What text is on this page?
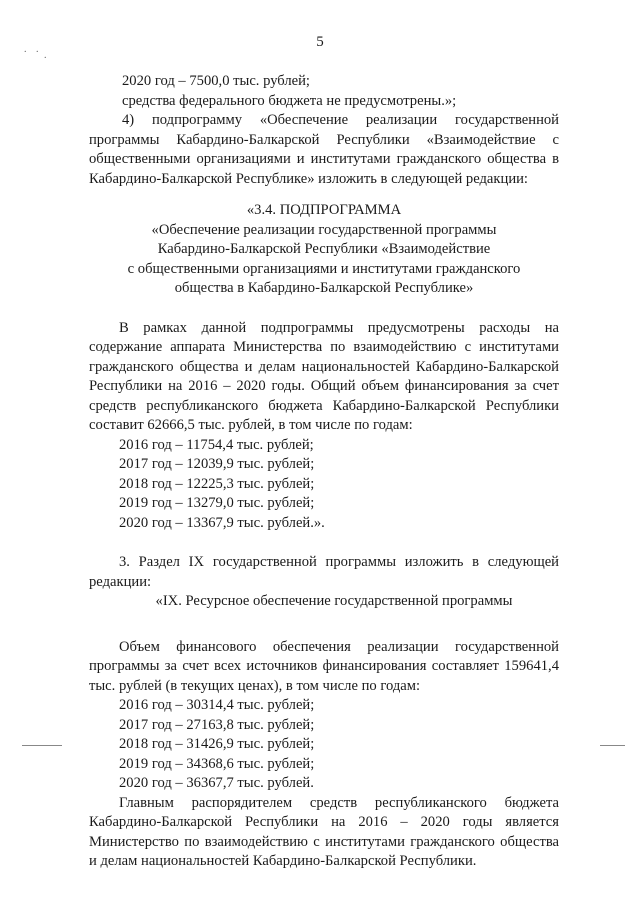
5
. .
.

2020 год – 7500,0 тыс. рублей;

средства федерального бюджета не предусмотрены.»;

4) подпрограмму «Обеспечение реализации государственной программы Кабардино-Балкарской Республики «Взаимодействие с общественными организациями и институтами гражданского общества в Кабардино-Балкарской Республике» изложить в следующей редакции:

«3.4. ПОДПРОГРАММА

«Обеспечение реализации государственной программы

Кабардино-Балкарской Республики «Взаимодействие

с общественными организациями и институтами гражданского

общества в Кабардино-Балкарской Республике»

В рамках данной подпрограммы предусмотрены расходы на содержание аппарата Министерства по взаимодействию с институтами гражданского общества и делам национальностей Кабардино-Балкарской Республики на 2016 – 2020 годы. Общий объем финансирования за счет средств республиканского бюджета Кабардино-Балкарской Республики составит 62666,5 тыс. рублей, в том числе по годам:

2016 год – 11754,4 тыс. рублей;

2017 год – 12039,9 тыс. рублей;

2018 год – 12225,3 тыс. рублей;

2019 год – 13279,0 тыс. рублей;

2020 год – 13367,9 тыс. рублей.».

3. Раздел IX государственной программы изложить в следующей редакции:

«IX. Ресурсное обеспечение государственной программы

Объем финансового обеспечения реализации государственной программы за счет всех источников финансирования составляет 159641,4 тыс. рублей (в текущих ценах), в том числе по годам:

2016 год – 30314,4 тыс. рублей;

2017 год – 27163,8 тыс. рублей;

2018 год – 31426,9 тыс. рублей;

2019 год – 34368,6 тыс. рублей;

2020 год – 36367,7 тыс. рублей.

Главным распорядителем средств республиканского бюджета Кабардино-Балкарской Республики на 2016 – 2020 годы является Министерство по взаимодействию с институтами гражданского общества и делам национальностей Кабардино-Балкарской Республики.
